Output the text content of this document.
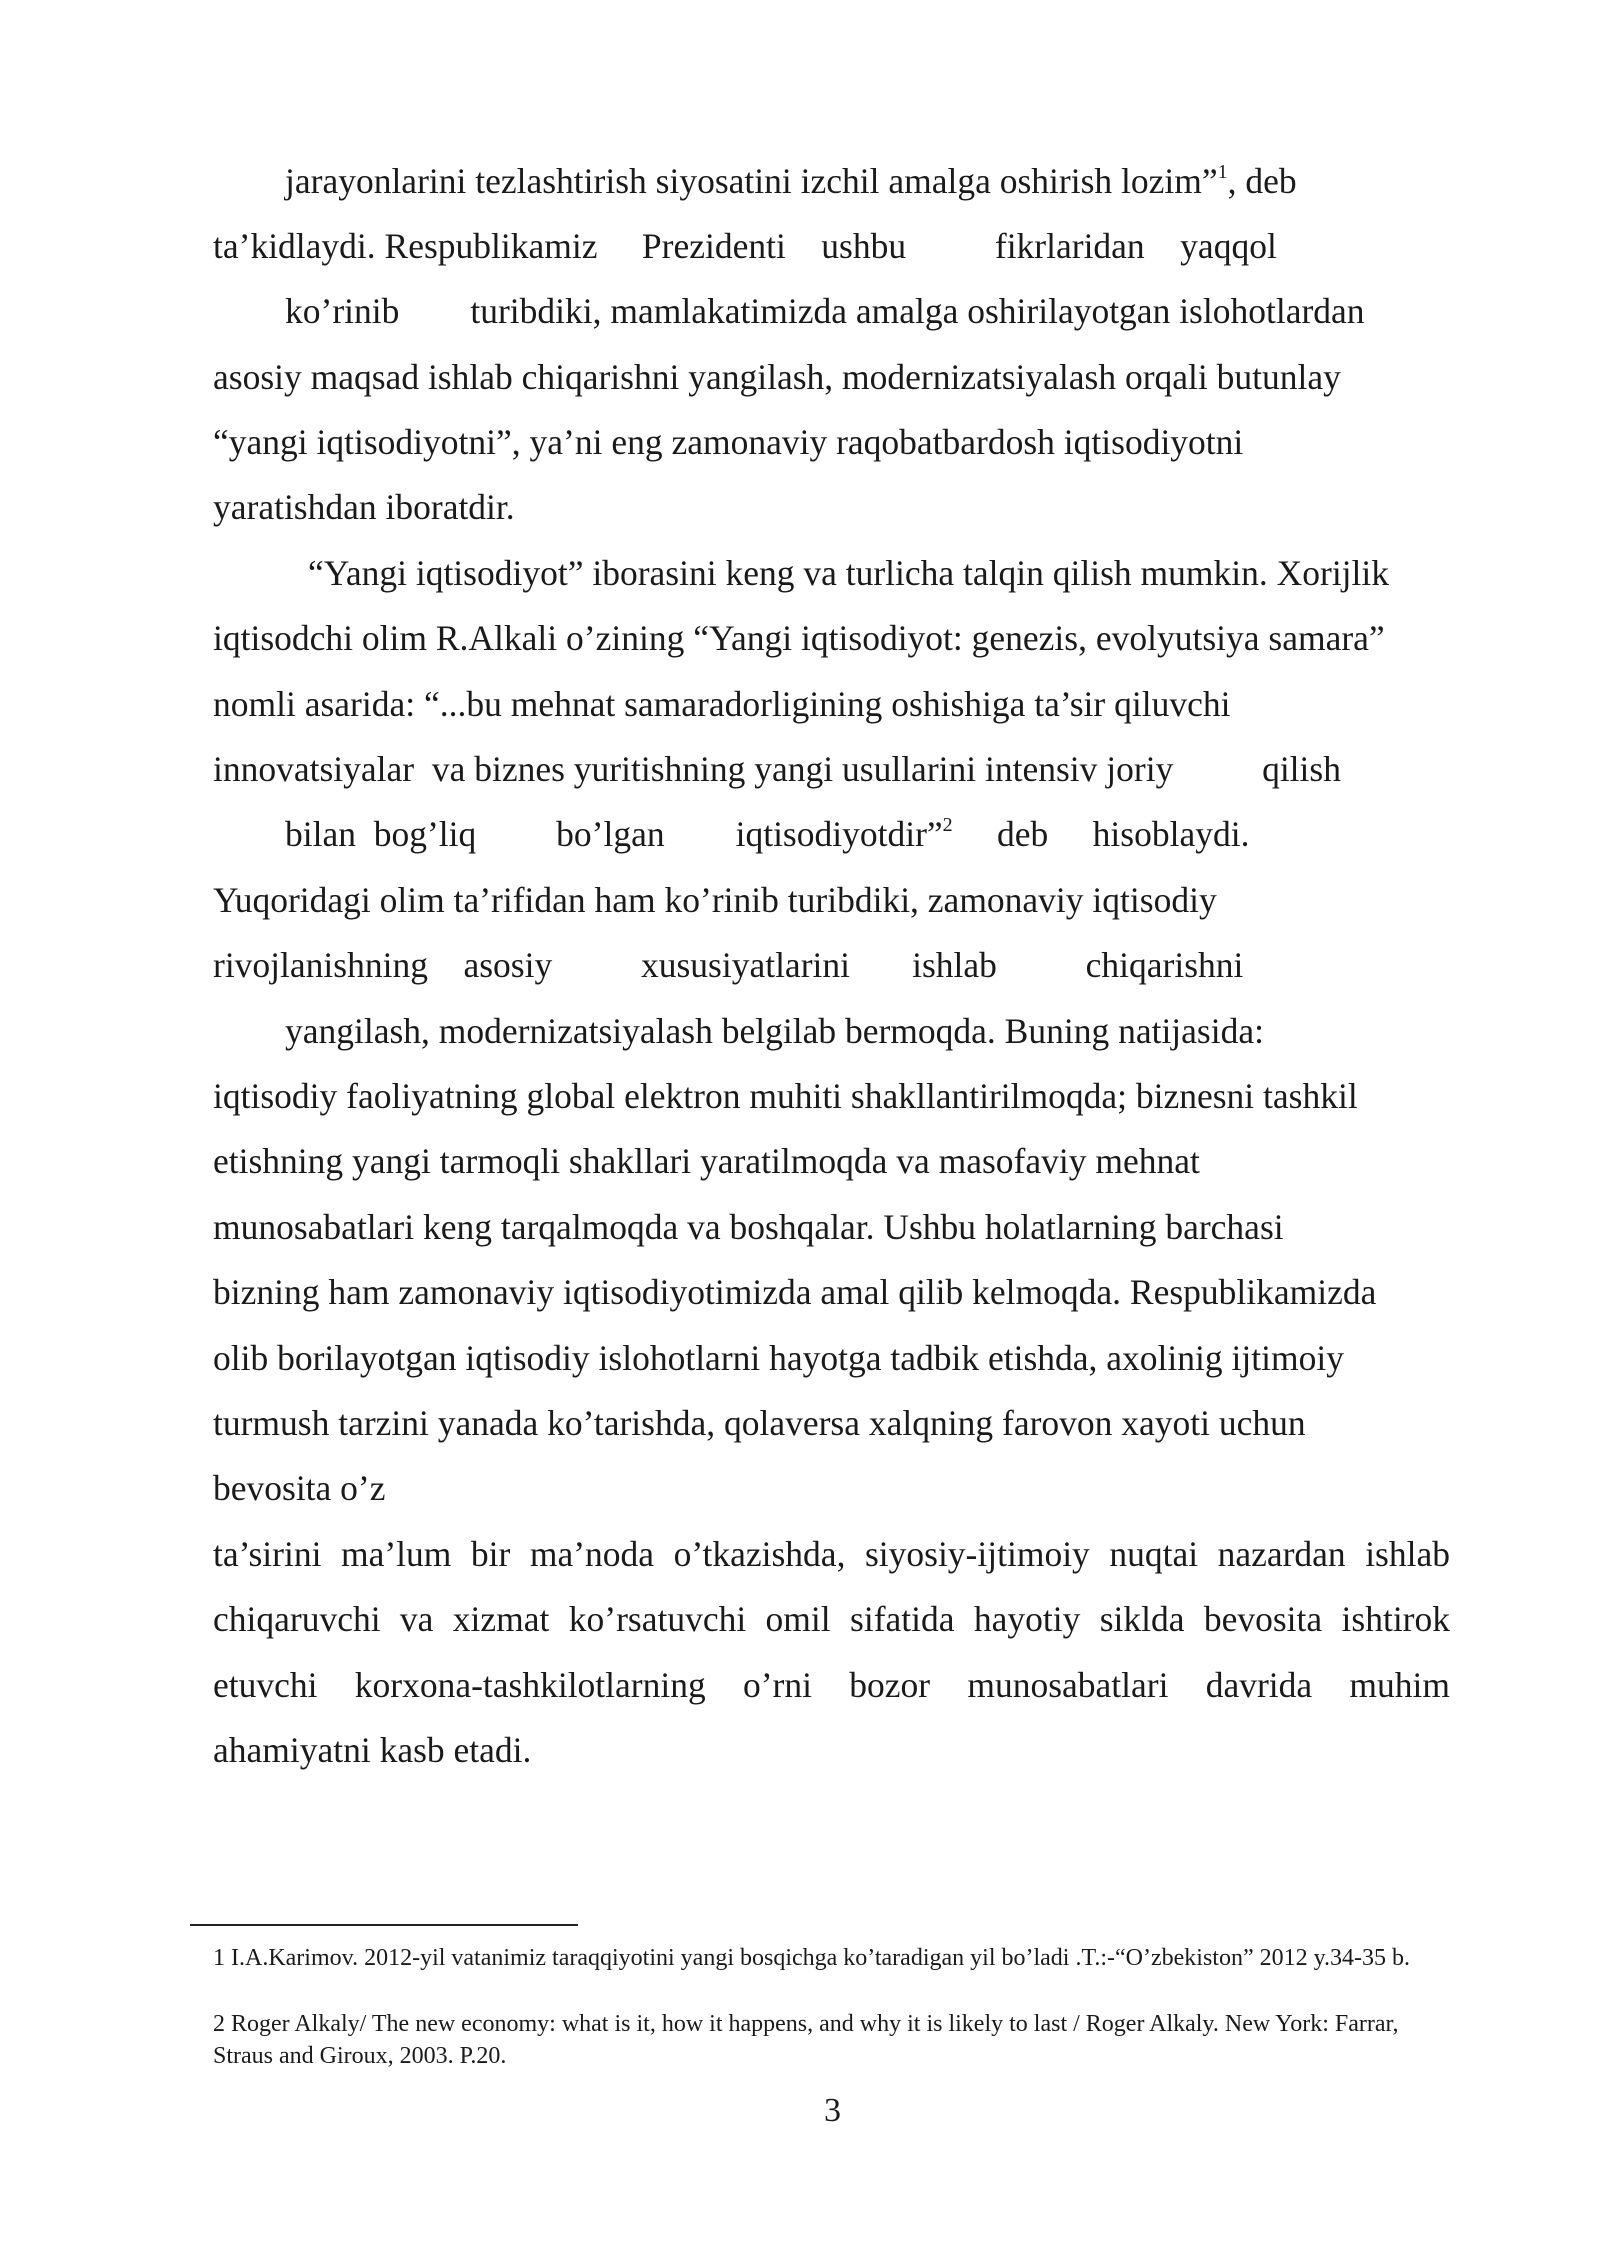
jarayonlarini tezlashtirish siyosatini izchil amalga oshirish lozim”$^1$, deb
ta’kidlaydi. Respublikamiz     Prezidenti    ushbu          fikrlaridan    yaqqol
ko’rinib        turibdiki, mamlakatimizda amalga oshirilayotgan islohotlardan
asosiy maqsad ishlab chiqarishni yangilash, modernizatsiyalash orqali butunlay
“yangi iqtisodiyotni”, ya’ni eng zamonaviy raqobatbardosh iqtisodiyotni
yaratishdan iboratdir.
“Yangi iqtisodiyot” iborasini keng va turlicha talqin qilish mumkin. Xorijlik
iqtisodchi olim R.Alkali o’zining “Yangi iqtisodiyot: genezis, evolyutsiya samara”
nomli asarida: “...bu mehnat samaradorligining oshishiga ta’sir qiluvchi
innovatsiyalar  va biznes yuritishning yangi usullarini intensiv joriy          qilish
bilan  bog’liq         bo’lgan        iqtisodiyotdir”$^2$     deb     hisoblaydi.
Yuqoridagi olim ta’rifidan ham ko’rinib turibdiki, zamonaviy iqtisodiy
rivojlanishning    asosiy          xususiyatlarini       ishlab          chiqarishni
yangilash, modernizatsiyalash belgilab bermoqda. Buning natijasida:
iqtisodiy faoliyatning global elektron muhiti shakllantirilmoqda; biznesni tashkil
etishning yangi tarmoqli shakllari yaratilmoqda va masofaviy mehnat
munosabatlari keng tarqalmoqda va boshqalar. Ushbu holatlarning barchasi
bizning ham zamonaviy iqtisodiyotimizda amal qilib kelmoqda. Respublikamizda
olib borilayotgan iqtisodiy islohotlarni hayotga tadbik etishda, axolinig ijtimoiy
turmush tarzini yanada ko’tarishda, qolaversa xalqning farovon xayoti uchun
bevosita o’z
ta’sirini ma’lum bir ma’noda o’tkazishda, siyosiy-ijtimoiy nuqtai nazardan ishlab
chiqaruvchi va xizmat ko’rsatuvchi omil sifatida hayotiy siklda bevosita ishtirok
etuvchi korxona-tashkilotlarning o’rni bozor munosabatlari davrida muhim
ahamiyatni kasb etadi.
1 I.A.Karimov. 2012-yil vatanimiz taraqqiyotini yangi bosqichga ko’taradigan yil bo’ladi .T.:-“O’zbekiston” 2012 y.34-35 b.
2 Roger Alkaly/ The new economy: what is it, how it happens, and why it is likely to last / Roger Alkaly. New York: Farrar, Straus and Giroux, 2003. P.20.
3
